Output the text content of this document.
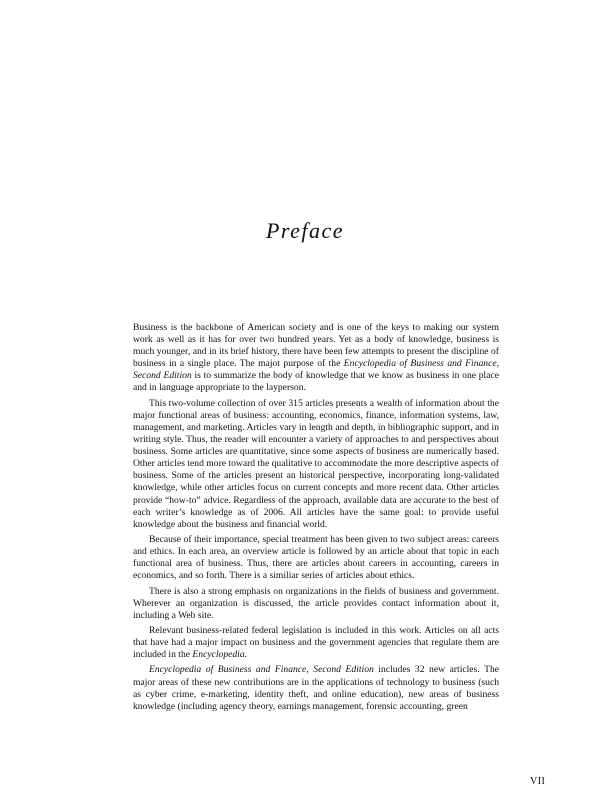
Preface

Business is the backbone of American society and is one of the keys to making our system work as well as it has for over two hundred years. Yet as a body of knowledge, business is much younger, and in its brief history, there have been few attempts to present the discipline of business in a single place. The majot purpose of the Encyclopedia of Business and Finance, Second Edition is to summarize the body of knowledge that we know as business in one place and in language appropriate to the layperson.

This two-volume collection of over 315 articles presents a wealth of information about the major functional areas of business: accounting, economics, finance, information systems, law, management, and marketing. Articles vary in length and depth, in bibliographic support, and in writing style. Thus, the reader will encounter a variety of approaches to and perspectives about business. Some articles are quantitative, since some aspects of business are numerically based. Other articles tend more toward the qualitative to accommodate the more descriptive aspects of business. Some of the articles present an historical perspective, incorporating long-validated knowledge, while other articles focus on current concepts and more recent data. Other articles provide “how-to” advice. Regardless of the approach, available data are accurate to the best of each writer’s knowledge as of 2006. All articles have the same goal: to provide useful knowledge about the business and financial world.

Because of their importance, special treatment has been given to two subject areas: careers and ethics. In each area, an overview article is followed by an article about that topic in each functional area of business. Thus, there are articles about careers in accounting, careers in economics, and so forth. There is a similiar series of articles about ethics.

There is also a strong emphasis on organizations in the fields of business and government. Wherever an organization is discussed, the article provides contact information about it, including a Web site.

Relevant business-related federal legislation is included in this work. Articles on all acts that have had a major impact on business and the government agencies that regulate them are included in the Encyclopedia.

Encyclopedia of Business and Finance, Second Edition includes 32 new articles. The major areas of these new contributions are in the applications of technology to business (such as cyber crime, e-marketing, identity theft, and online education), new areas of business knowledge (including agency theory, earnings management, forensic accounting, green

VII
